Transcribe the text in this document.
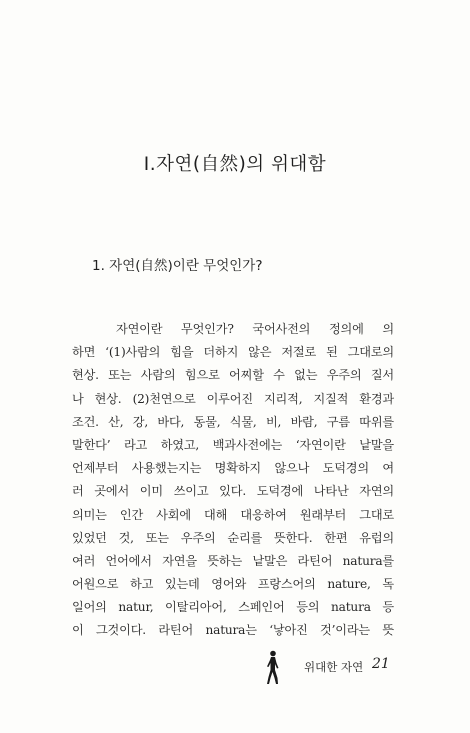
Ⅰ.자연(自然)의 위대함
1. 자연(自然)이란 무엇인가?
자연이란 무엇인가? 국어사전의 정의에 의
하면 ‘(1)사람의 힘을 더하지 않은 저절로 된 그대로의
현상. 또는 사람의 힘으로 어찌할 수 없는 우주의 질서
나 현상. (2)천연으로 이루어진 지리적, 지질적 환경과
조건. 산, 강, 바다, 동물, 식물, 비, 바람, 구름 따위를
말한다’ 라고 하였고, 백과사전에는 ‘자연이란 낱말을
언제부터 사용했는지는 명확하지 않으나 도덕경의 여
러 곳에서 이미 쓰이고 있다. 도덕경에 나타난 자연의
의미는 인간 사회에 대해 대응하여 원래부터 그대로
있었던 것, 또는 우주의 순리를 뜻한다. 한편 유럽의
여러 언어에서 자연을 뜻하는 낱말은 라틴어 natura를
어원으로 하고 있는데 영어와 프랑스어의 nature, 독
일어의 natur, 이탈리아어, 스페인어 등의 natura 등
이 그것이다. 라틴어 natura는 ‘낳아진 것’이라는 뜻
위대한 자연 21
